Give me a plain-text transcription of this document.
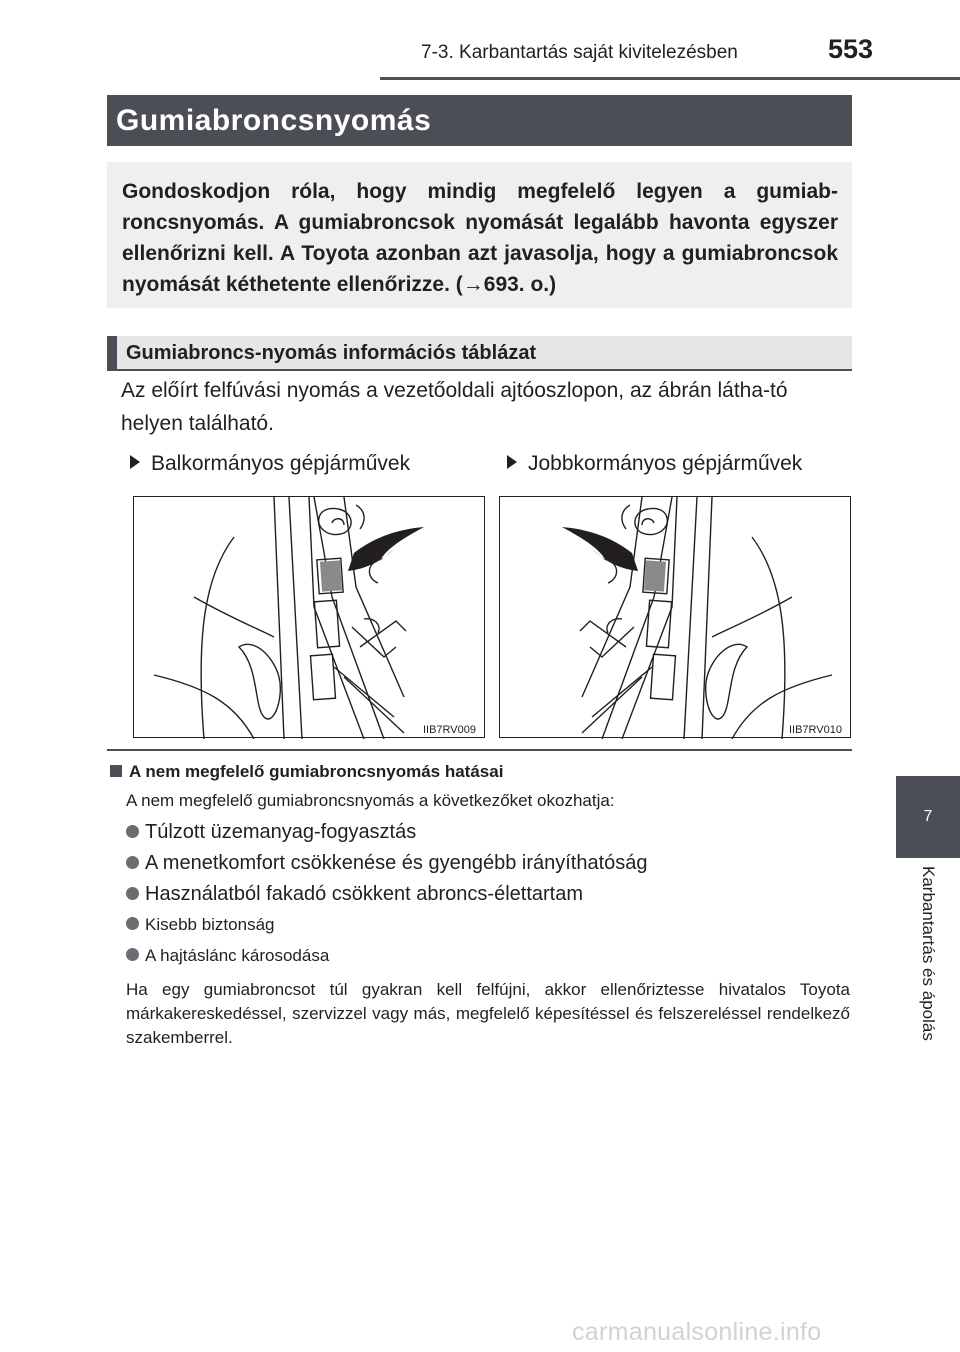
7-3. Karbantartás saját kivitelezésben	553
7
Karbantartás és ápolás
Gumiabroncsnyomás

Gondoskodjon róla, hogy mindig megfelelő legyen a gumiab-roncsnyomás. A gumiabroncsok nyomását legalább havonta egyszer ellenőrizni kell. A Toyota azonban azt javasolja, hogy a gumiabroncsok nyomását kéthetente ellenőrizze. (→693. o.)

Gumiabroncs-nyomás információs táblázat

Az előírt felfúvási nyomás a vezetőoldali ajtóoszlopon, az ábrán látha-tó helyen található.

Balkormányos gépjárművek	Jobbkormányos gépjárművek
IIB7RV009	IIB7RV010
A nem megfelelő gumiabroncsnyomás hatásai
A nem megfelelő gumiabroncsnyomás a következőket okozhatja:
Túlzott üzemanyag-fogyasztás
A menetkomfort csökkenése és gyengébb irányíthatóság
Használatból fakadó csökkent abroncs-élettartam
Kisebb biztonság
A hajtáslánc károsodása

Ha egy gumiabroncsot túl gyakran kell felfújni, akkor ellenőriztesse hivatalos Toyota márkakereskedéssel, szervizzel vagy más, megfelelő képesítéssel és felszereléssel rendelkező szakemberrel.

carmanualsonline.info
